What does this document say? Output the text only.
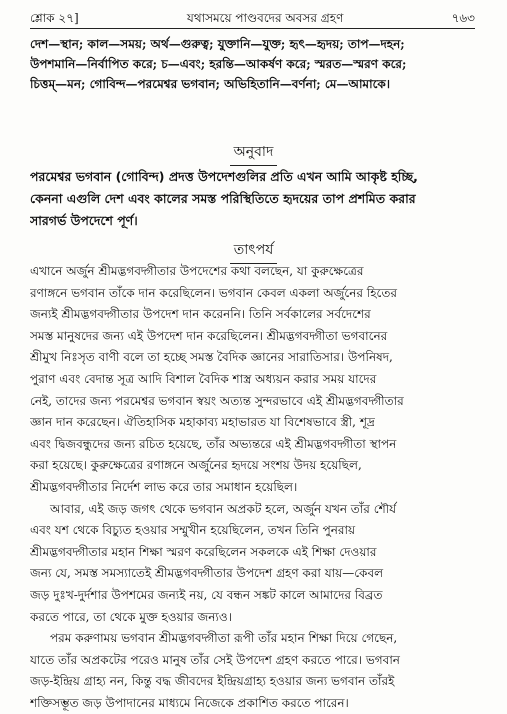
শ্লোক ২৭]	যথাসময়ে পাণ্ডবদের অবসর গ্রহণ	৭৬৩

দেশ—স্থান; কাল—সময়; অর্থ—গুরুত্ব; যুক্তানি—যুক্ত; হৃৎ—হৃদয়; তাপ—দহন;

উপশমানি—নির্বাপিত করে; চ—এবং; হরন্তি—আকর্ষণ করে; স্মরত—স্মরণ করে;

চিত্তম্—মন; গোবিন্দ—পরমেশ্বর ভগবান; অভিহিতানি—বর্ণনা; মে—আমাকে।

অনুবাদ

পরমেশ্বর ভগবান (গোবিন্দ) প্রদত্ত উপদেশগুলির প্রতি এখন আমি আকৃষ্ট হচ্ছি,

কেননা এগুলি দেশ এবং কালের সমস্ত পরিস্থিতিতে হৃদয়ের তাপ প্রশমিত করার

সারগর্ভ উপদেশে পূর্ণ।

তাৎপর্য

এখানে অর্জুন শ্রীমদ্ভগবদ্গীতার উপদেশের কথা বলছেন, যা কুরুক্ষেত্রের

রণাঙ্গনে ভগবান তাঁকে দান করেছিলেন। ভগবান কেবল একলা অর্জুনের হিতের

জন্যই শ্রীমদ্ভগবদ্গীতার উপদেশ দান করেননি। তিনি সর্বকালের সর্বদেশের

সমস্ত মানুষদের জন্য এই উপদেশ দান করেছিলেন। শ্রীমদ্ভগবদ্গীতা ভগবানের

শ্রীমুখ নিঃসৃত বাণী বলে তা হচ্ছে সমস্ত বৈদিক জ্ঞানের সারাতিসার। উপনিষদ,

পুরাণ এবং বেদান্ত সূত্র আদি বিশাল বৈদিক শাস্ত্র অধ্যয়ন করার সময় যাদের

নেই, তাদের জন্য পরমেশ্বর ভগবান স্বয়ং অত্যন্ত সুন্দরভাবে এই শ্রীমদ্ভগবদ্গীতার

জ্ঞান দান করেছেন। ঐতিহাসিক মহাকাব্য মহাভারত যা বিশেষভাবে স্ত্রী, শূদ্র

এবং দ্বিজবন্ধুদের জন্য রচিত হয়েছে, তাঁর অভ্যন্তরে এই শ্রীমদ্ভগবদ্গীতা স্থাপন

করা হয়েছে। কুরুক্ষেত্রের রণাঙ্গনে অর্জুনের হৃদয়ে সংশয় উদয় হয়েছিল,

শ্রীমদ্ভগবদ্গীতার নির্দেশ লাভ করে তার সমাধান হয়েছিল।

আবার, এই জড় জগৎ থেকে ভগবান অপ্রকট হলে, অর্জুন যখন তাঁর শৌর্য

এবং যশ থেকে বিচ্যুত হওয়ার সম্মুখীন হয়েছিলেন, তখন তিনি পুনরায়

শ্রীমদ্ভগবদ্গীতার মহান শিক্ষা স্মরণ করেছিলেন সকলকে এই শিক্ষা দেওয়ার

জন্য যে, সমস্ত সমস্যাতেই শ্রীমদ্ভগবদ্গীতার উপদেশ গ্রহণ করা যায়—কেবল

জড় দুঃখ-দুর্দশার উপশমের জন্যই নয়, যে বন্ধন সঙ্কট কালে আমাদের বিব্রত

করতে পারে, তা থেকে মুক্ত হওয়ার জন্যও।

পরম করুণাময় ভগবান শ্রীমদ্ভগবদ্গীতা রূপী তাঁর মহান শিক্ষা দিয়ে গেছেন,

যাতে তাঁর অপ্রকটের পরেও মানুষ তাঁর সেই উপদেশ গ্রহণ করতে পারে। ভগবান

জড়-ইন্দ্রিয় গ্রাহ্য নন, কিন্তু বদ্ধ জীবদের ইন্দ্রিয়গ্রাহ্য হওয়ার জন্য ভগবান তাঁরই

শক্তিসম্ভূত জড় উপাদানের মাধ্যমে নিজেকে প্রকাশিত করতে পারেন।
